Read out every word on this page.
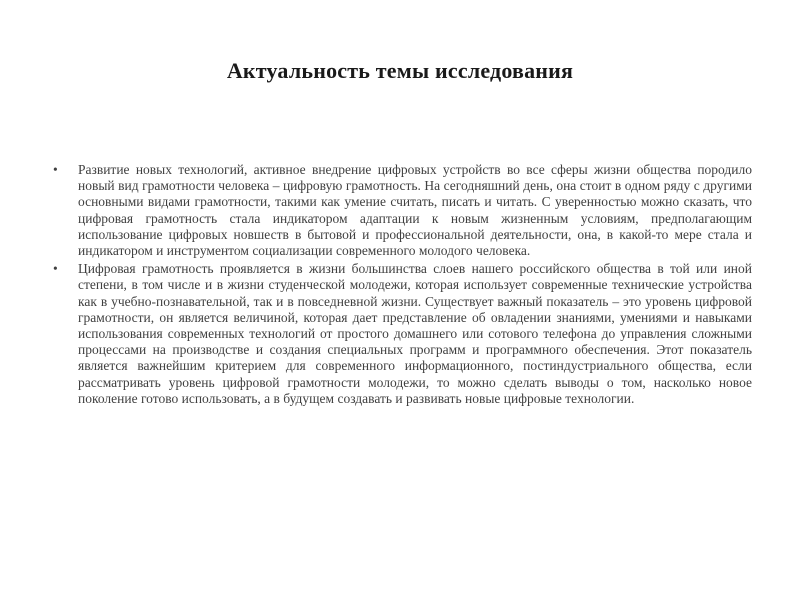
Актуальность темы исследования
• Развитие новых технологий, активное внедрение цифровых устройств во все сферы жизни общества породило новый вид грамотности человека – цифровую грамотность. На сегодняшний день, она стоит в одном ряду с другими основными видами грамотности, такими как умение считать, писать и читать. С уверенностью можно сказать, что цифровая грамотность стала индикатором адаптации к новым жизненным условиям, предполагающим использование цифровых новшеств в бытовой и профессиональной деятельности, она, в какой-то мере стала и индикатором и инструментом социализации современного молодого человека.
• Цифровая грамотность проявляется в жизни большинства слоев нашего российского общества в той или иной степени, в том числе и в жизни студенческой молодежи, которая использует современные технические устройства как в учебно-познавательной, так и в повседневной жизни. Существует важный показатель – это уровень цифровой грамотности, он является величиной, которая дает представление об овладении знаниями, умениями и навыками использования современных технологий от простого домашнего или сотового телефона до управления сложными процессами на производстве и создания специальных программ и программного обеспечения. Этот показатель является важнейшим критерием для современного информационного, постиндустриального общества, если рассматривать уровень цифровой грамотности молодежи, то можно сделать выводы о том, насколько новое поколение готово использовать, а в будущем создавать и развивать новые цифровые технологии.
